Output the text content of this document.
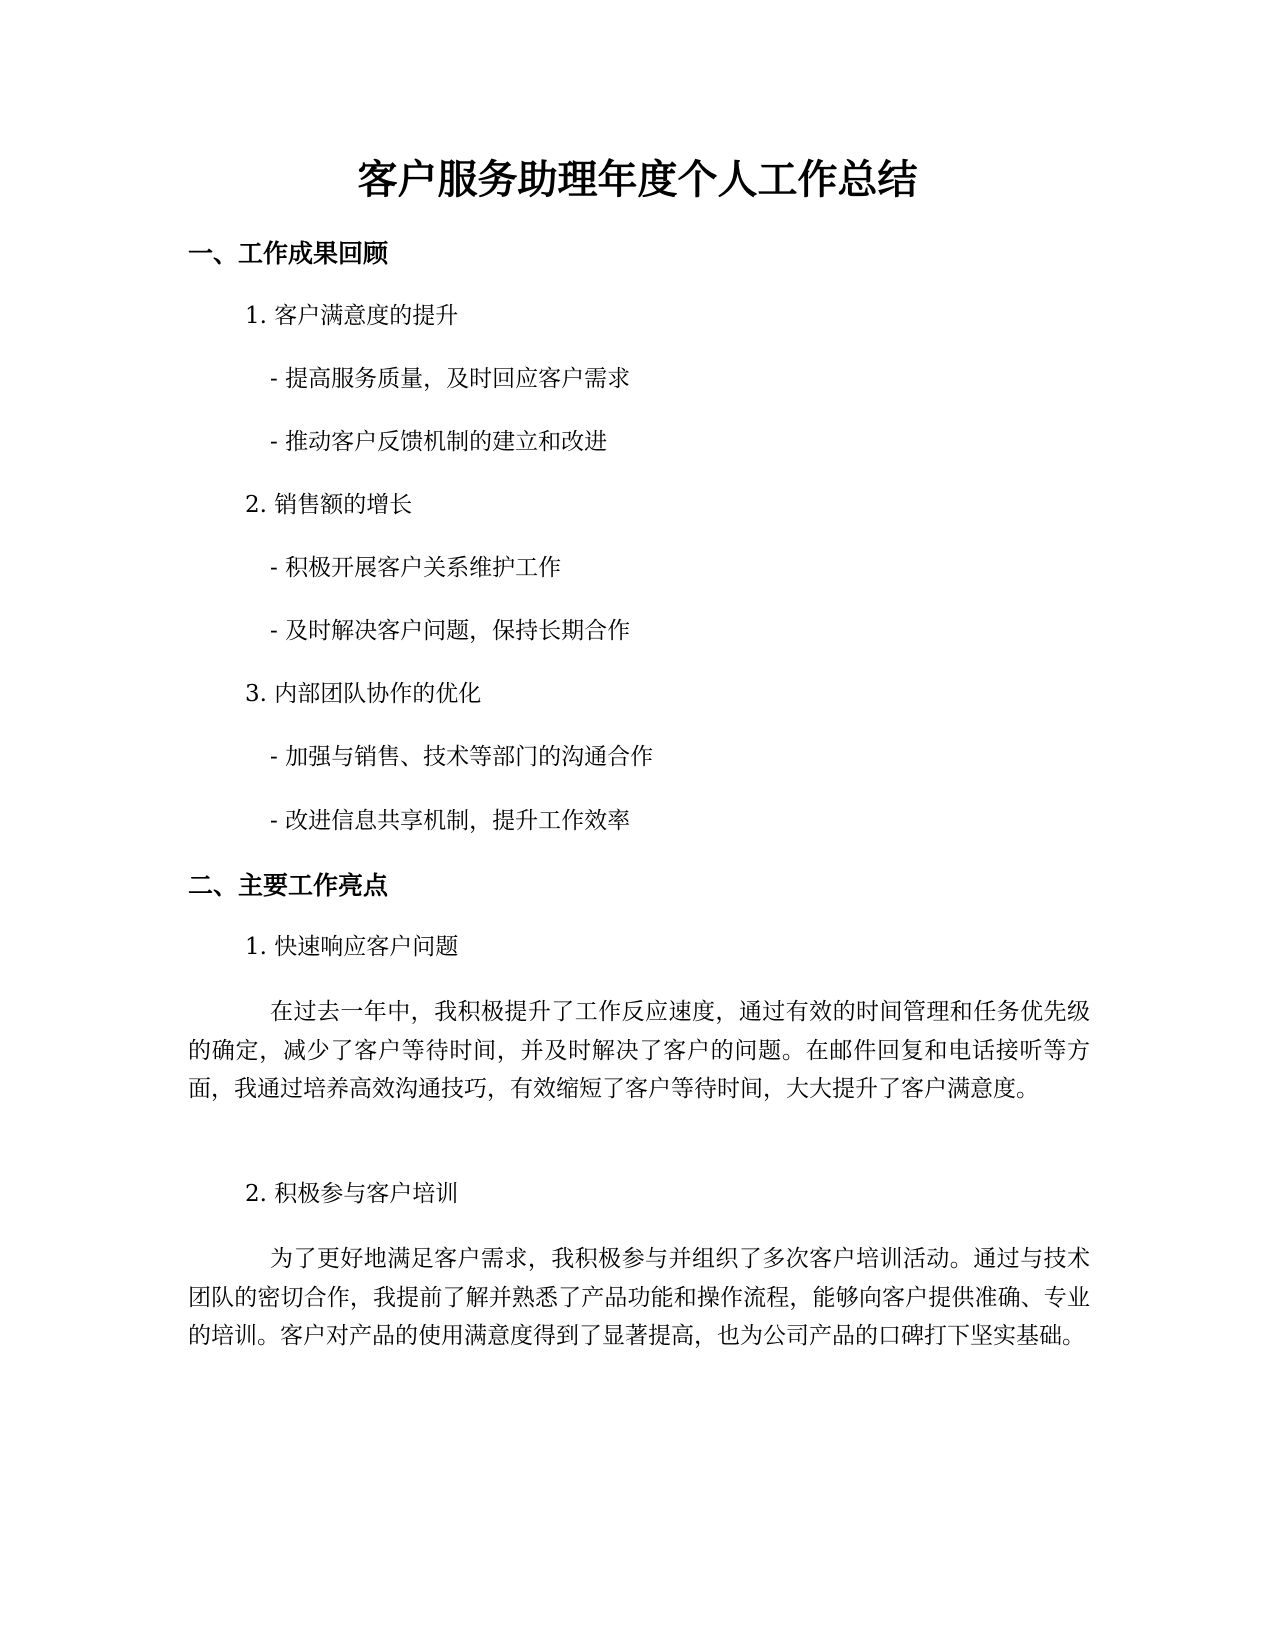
客户服务助理年度个人工作总结
一、工作成果回顾
1. 客户满意度的提升
- 提高服务质量，及时回应客户需求
- 推动客户反馈机制的建立和改进
2. 销售额的增长
- 积极开展客户关系维护工作
- 及时解决客户问题，保持长期合作
3. 内部团队协作的优化
- 加强与销售、技术等部门的沟通合作
- 改进信息共享机制，提升工作效率
二、主要工作亮点
1. 快速响应客户问题

在过去一年中，我积极提升了工作反应速度，通过有效的时间管理和任务优先级的确定，减少了客户等待时间，并及时解决了客户的问题。在邮件回复和电话接听等方面，我通过培养高效沟通技巧，有效缩短了客户等待时间，大大提升了客户满意度。

2. 积极参与客户培训

为了更好地满足客户需求，我积极参与并组织了多次客户培训活动。通过与技术团队的密切合作，我提前了解并熟悉了产品功能和操作流程，能够向客户提供准确、专业的培训。客户对产品的使用满意度得到了显著提高，也为公司产品的口碑打下坚实基础。
